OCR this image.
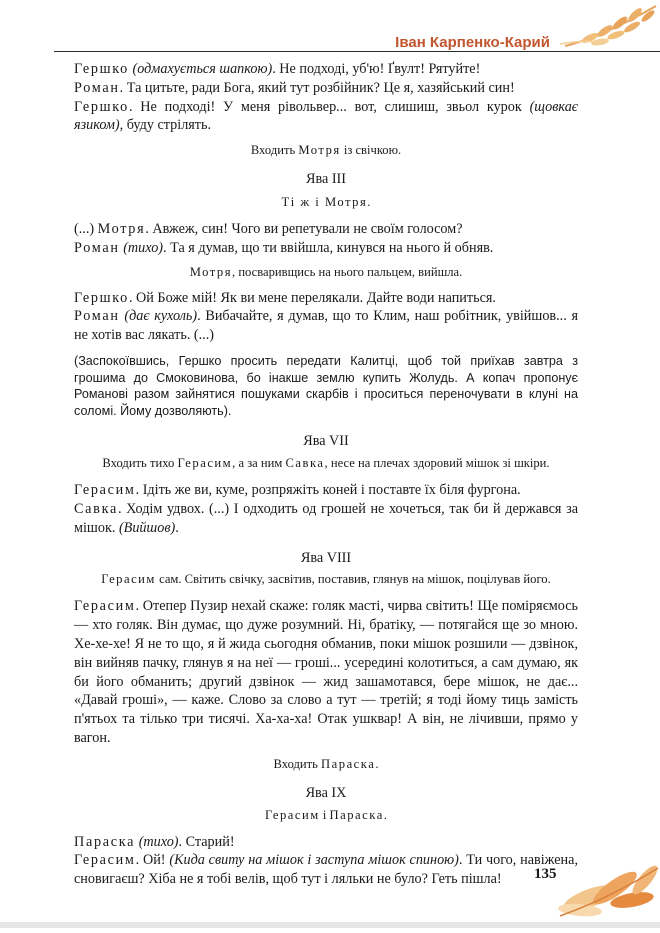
Іван Карпенко-Карий

Гершко (одмахується шапкою). Не подході, уб'ю! Ґвулт! Рятуйте!

Роман. Та цитьте, ради Бога, який тут розбійник? Це я, хазяйський син!

Гершко. Не подході! У меня рівольвер... вот, слишиш, звьол курок (щовкає язиком), буду стрілять.

Входить Мотря із свічкою.

Ява III

Ті ж і Мотря.

(...) Мотря. Авжеж, син! Чого ви репетували не своїм голосом?

Роман (тихо). Та я думав, що ти ввійшла, кинувся на нього й обняв.

Мотря, посваривщись на нього пальцем, вийшла.

Гершко. Ой Боже мій! Як ви мене перелякали. Дайте води напиться.

Роман (дає кухоль). Вибачайте, я думав, що то Клим, наш робітник, увійшов... я не хотів вас лякать. (...)

(Заспокоївшись, Гершко просить передати Калитці, щоб той приїхав завтра з грошима до Смоковинова, бо інакше землю купить Жолудь. А копач пропонує Романові разом зайнятися пошуками скарбів і проситься переночувати в клуні на соломі. Йому дозволяють).

Ява VII

Входить тихо Герасим, а за ним Савка, несе на плечах здоровий мішок зі шкіри.

Герасим. Ідіть же ви, куме, розпряжіть коней і поставте їх біля фургона.

Савка. Ходім удвох. (...) І одходить од грошей не хочеться, так би й держався за мішок. (Вийшов).

Ява VIII

Герасим сам. Світить свічку, засвітив, поставив, глянув на мішок, поцілував його.

Герасим. Отепер Пузир нехай скаже: голяк масті, чирва світить! Ще поміряємось — хто голяк. Він думає, що дуже розумний. Ні, братіку, — потягайся ще зо мною. Хе-хе-хе! Я не то що, я й жида сьогодня обманив, поки мішок розшили — дзвінок, він вийняв пачку, глянув я на неї — гроші... усередині колотиться, а сам думаю, як би його обманить; другий дзвінок — жид зашамотався, бере мішок, не дає... «Давай гроші», — каже. Слово за слово а тут — третій; я тоді йому тиць замість п'ятьох та тілько три тисячі. Ха-ха-ха! Отак ушквар! А він, не лічивши, прямо у вагон.

Входить Параска.

Ява IX

Герасим і Параска.

Параска (тихо). Старий!

Герасим. Ой! (Кида свиту на мішок і заступа мішок спиною). Ти чого, навіжена, сновигаєш? Хіба не я тобі велів, щоб тут і ляльки не було? Геть пішла!	135
